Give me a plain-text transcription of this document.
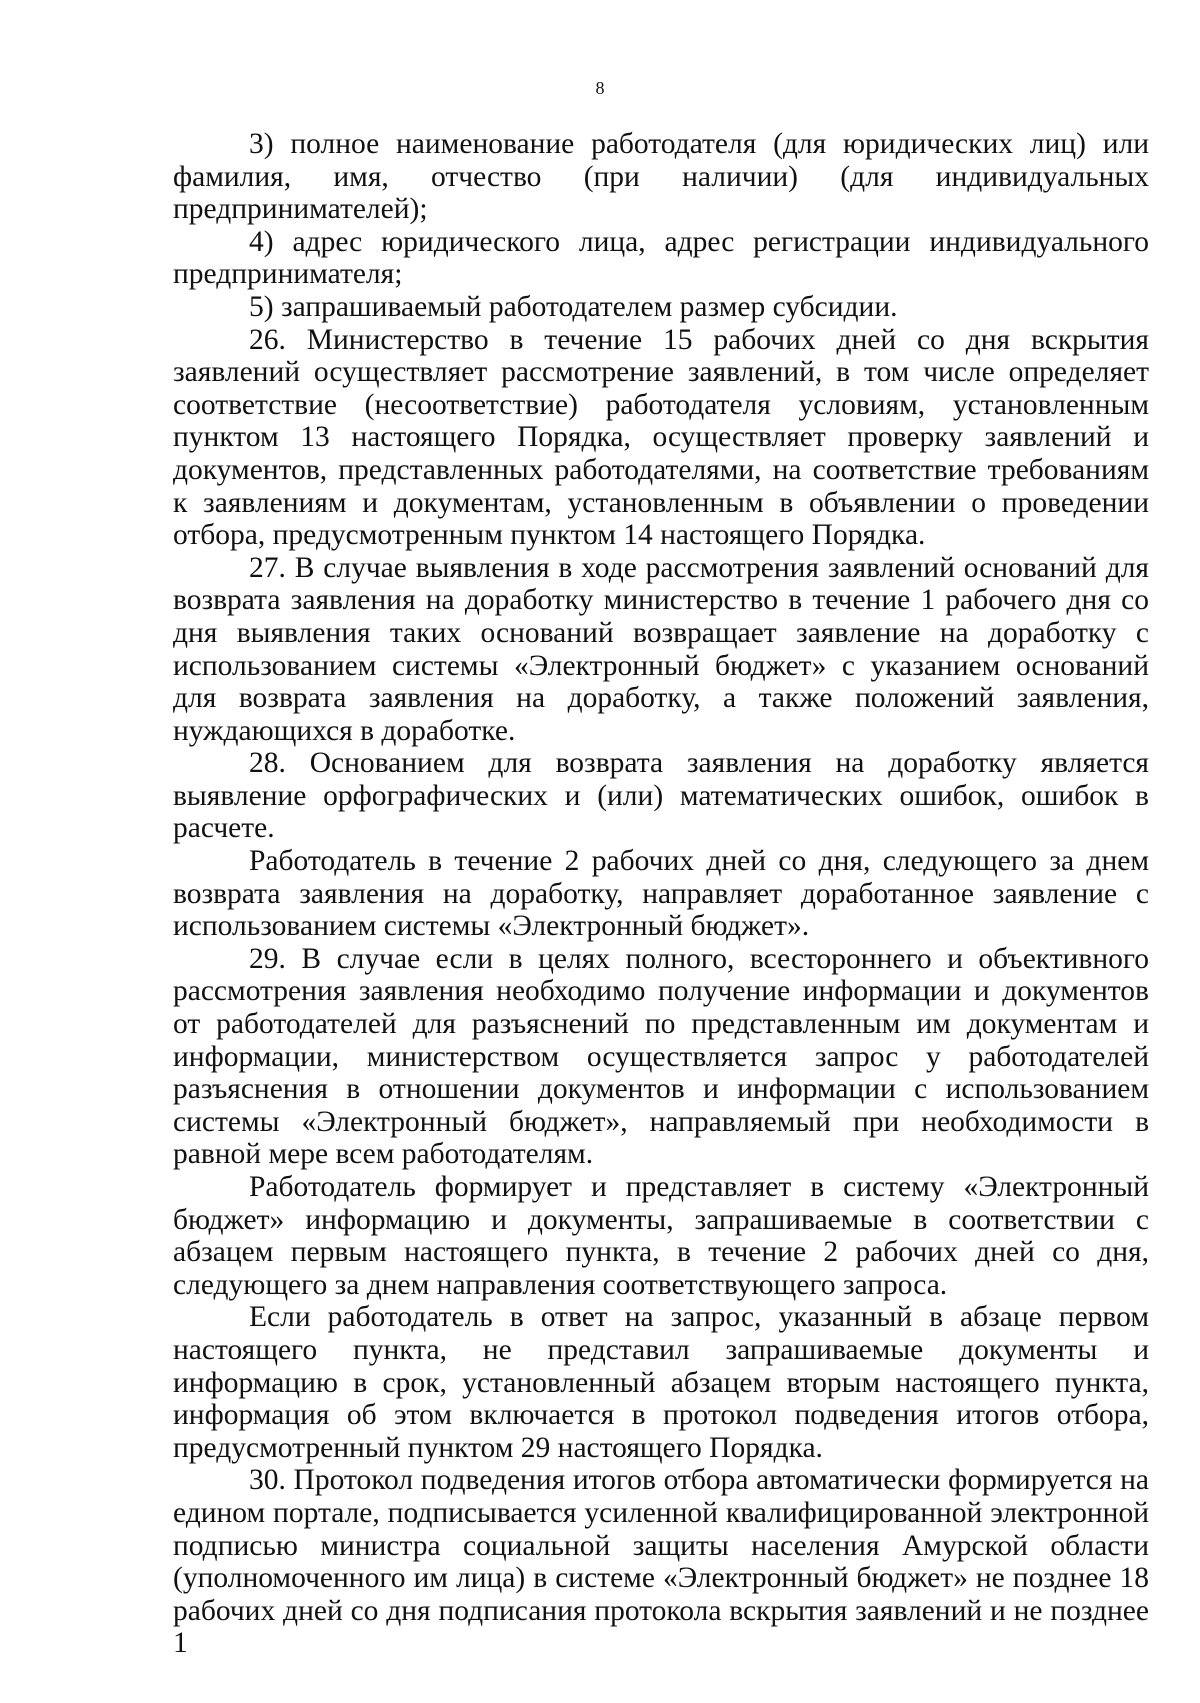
8

3) полное наименование работодателя (для юридических лиц) или фамилия, имя, отчество (при наличии) (для индивидуальных предпринимателей);

4) адрес юридического лица, адрес регистрации индивидуального предпринимателя;

5) запрашиваемый работодателем размер субсидии.

26. Министерство в течение 15 рабочих дней со дня вскрытия заявлений осуществляет рассмотрение заявлений, в том числе определяет соответствие (несоответствие) работодателя условиям, установленным пунктом 13 настоящего Порядка, осуществляет проверку заявлений и документов, представленных работодателями, на соответствие требованиям к заявлениям и документам, установленным в объявлении о проведении отбора, предусмотренным пунктом 14 настоящего Порядка.

27. В случае выявления в ходе рассмотрения заявлений оснований для возврата заявления на доработку министерство в течение 1 рабочего дня со дня выявления таких оснований возвращает заявление на доработку с использованием системы «Электронный бюджет» с указанием оснований для возврата заявления на доработку, а также положений заявления, нуждающихся в доработке.

28. Основанием для возврата заявления на доработку является выявление орфографических и (или) математических ошибок, ошибок в расчете.

Работодатель в течение 2 рабочих дней со дня, следующего за днем возврата заявления на доработку, направляет доработанное заявление с использованием системы «Электронный бюджет».

29. В случае если в целях полного, всестороннего и объективного рассмотрения заявления необходимо получение информации и документов от работодателей для разъяснений по представленным им документам и информации, министерством осуществляется запрос у работодателей разъяснения в отношении документов и информации с использованием системы «Электронный бюджет», направляемый при необходимости в равной мере всем работодателям.

Работодатель формирует и представляет в систему «Электронный бюджет» информацию и документы, запрашиваемые в соответствии с абзацем первым настоящего пункта, в течение 2 рабочих дней со дня, следующего за днем направления соответствующего запроса.

Если работодатель в ответ на запрос, указанный в абзаце первом настоящего пункта, не представил запрашиваемые документы и информацию в срок, установленный абзацем вторым настоящего пункта, информация об этом включается в протокол подведения итогов отбора, предусмотренный пунктом 29 настоящего Порядка.

30. Протокол подведения итогов отбора автоматически формируется на едином портале, подписывается усиленной квалифицированной электронной подписью министра социальной защиты населения Амурской области (уполномоченного им лица) в системе «Электронный бюджет» не позднее 18 рабочих дней со дня подписания протокола вскрытия заявлений и не позднее 1
